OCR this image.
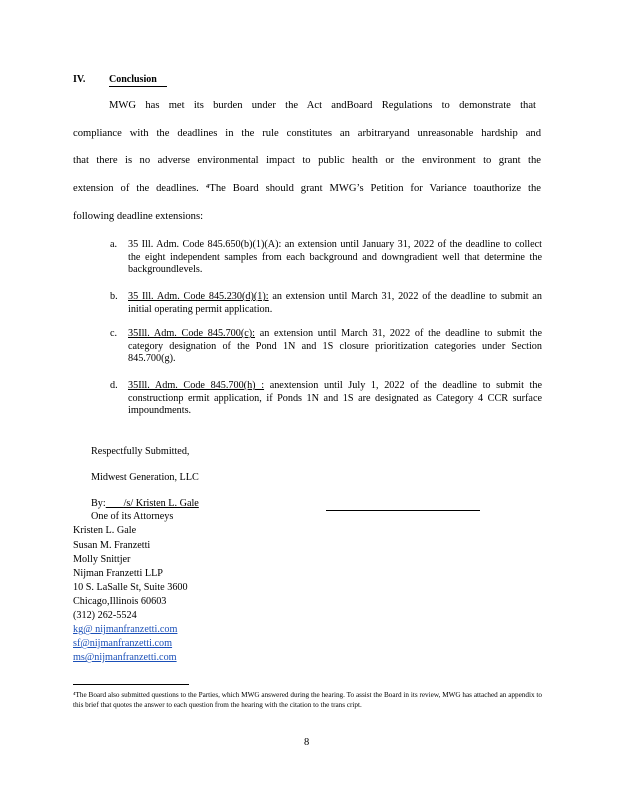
IV. Conclusion
MWG has met its burden under the Act andBoard Regulations to demonstrate that
compliance with the deadlines in the rule constitutes an arbitraryand unreasonable hardship and
that there is no adverse environmental impact to public health or the environment to grant the
extension of the deadlines. ⁴The Board should grant MWG’s Petition for Variance toauthorize the
following deadline extensions:
a. 35 Ill. Adm. Code 845.650(b)(1)(A): an extension until January 31, 2022 of the deadline to collect the eight independent samples from each background and downgradient well that determine the backgroundlevels.
b. 35 Ill. Adm. Code 845.230(d)(1): an extension until March 31, 2022 of the deadline to submit an initial operating permit application.
c. 35Ill. Adm. Code 845.700(c): an extension until March 31, 2022 of the deadline to submit the category designation of the Pond 1N and 1S closure prioritization categories under Section 845.700(g).
d. 35Ill. Adm. Code 845.700(h) : anextension until July 1, 2022 of the deadline to submit the constructionp ermit application, if Ponds 1N and 1S are designated as Category 4 CCR surface impoundments.
Respectfully Submitted,
Midwest Generation, LLC
By: /s/ Kristen L. Gale
One of its Attorneys
Kristen L. Gale
Susan M. Franzetti
Molly Snittjer
Nijman Franzetti LLP
10 S. LaSalle St, Suite 3600
Chicago,Illinois 60603
(312) 262-5524
kg@ nijmanfranzetti.com
sf@nijmanfranzetti.com
ms@nijmanfranzetti.com
⁴The Board also submitted questions to the Parties, which MWG answered during the hearing. To assist the Board in its review, MWG has attached an appendix to this brief that quotes the answer to each question from the hearing with the citation to the trans cript.
8
